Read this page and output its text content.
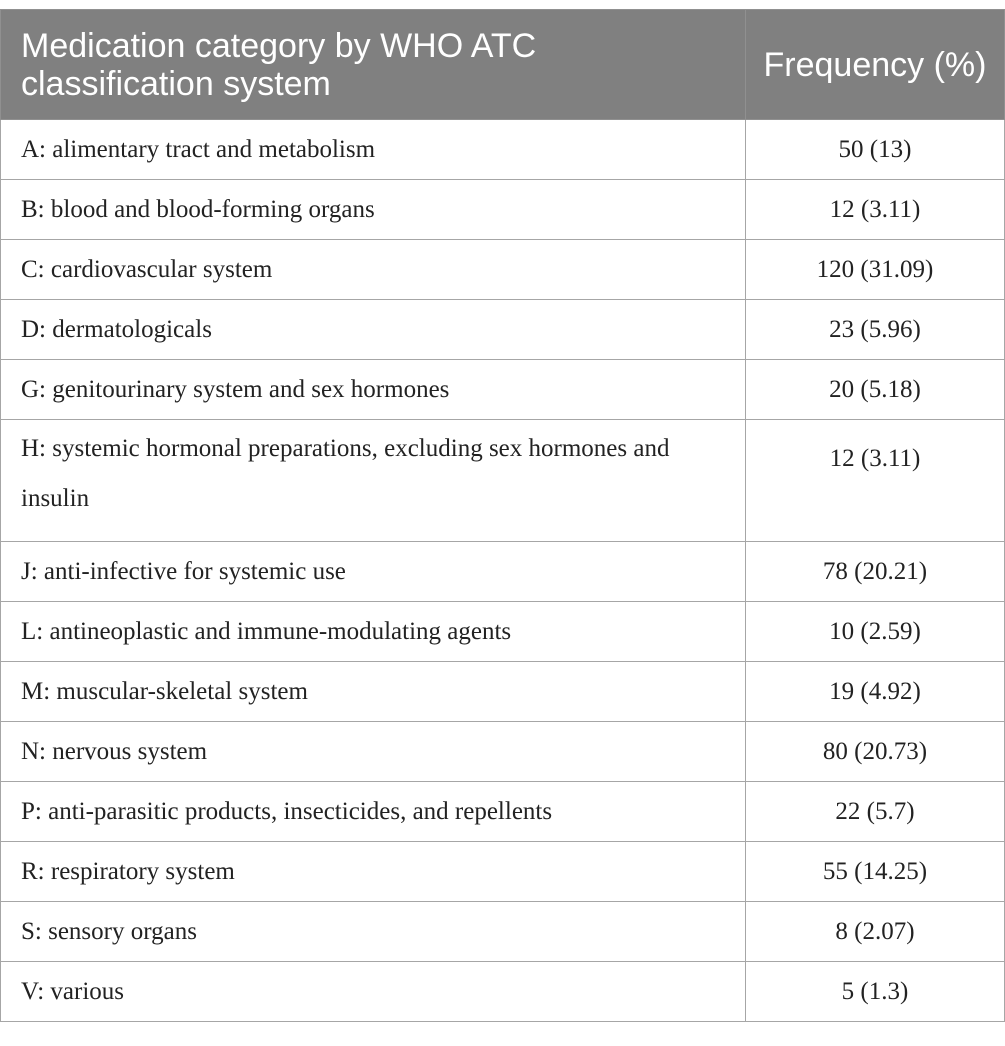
Medication category by WHO ATC classification system	Frequency (%)
A: alimentary tract and metabolism	50 (13)
B: blood and blood-forming organs	12 (3.11)
C: cardiovascular system	120 (31.09)
D: dermatologicals	23 (5.96)
G: genitourinary system and sex hormones	20 (5.18)
H: systemic hormonal preparations, excluding sex hormones and insulin	12 (3.11)
J: anti-infective for systemic use	78 (20.21)
L: antineoplastic and immune-modulating agents	10 (2.59)
M: muscular-skeletal system	19 (4.92)
N: nervous system	80 (20.73)
P: anti-parasitic products, insecticides, and repellents	22 (5.7)
R: respiratory system	55 (14.25)
S: sensory organs	8 (2.07)
V: various	5 (1.3)
